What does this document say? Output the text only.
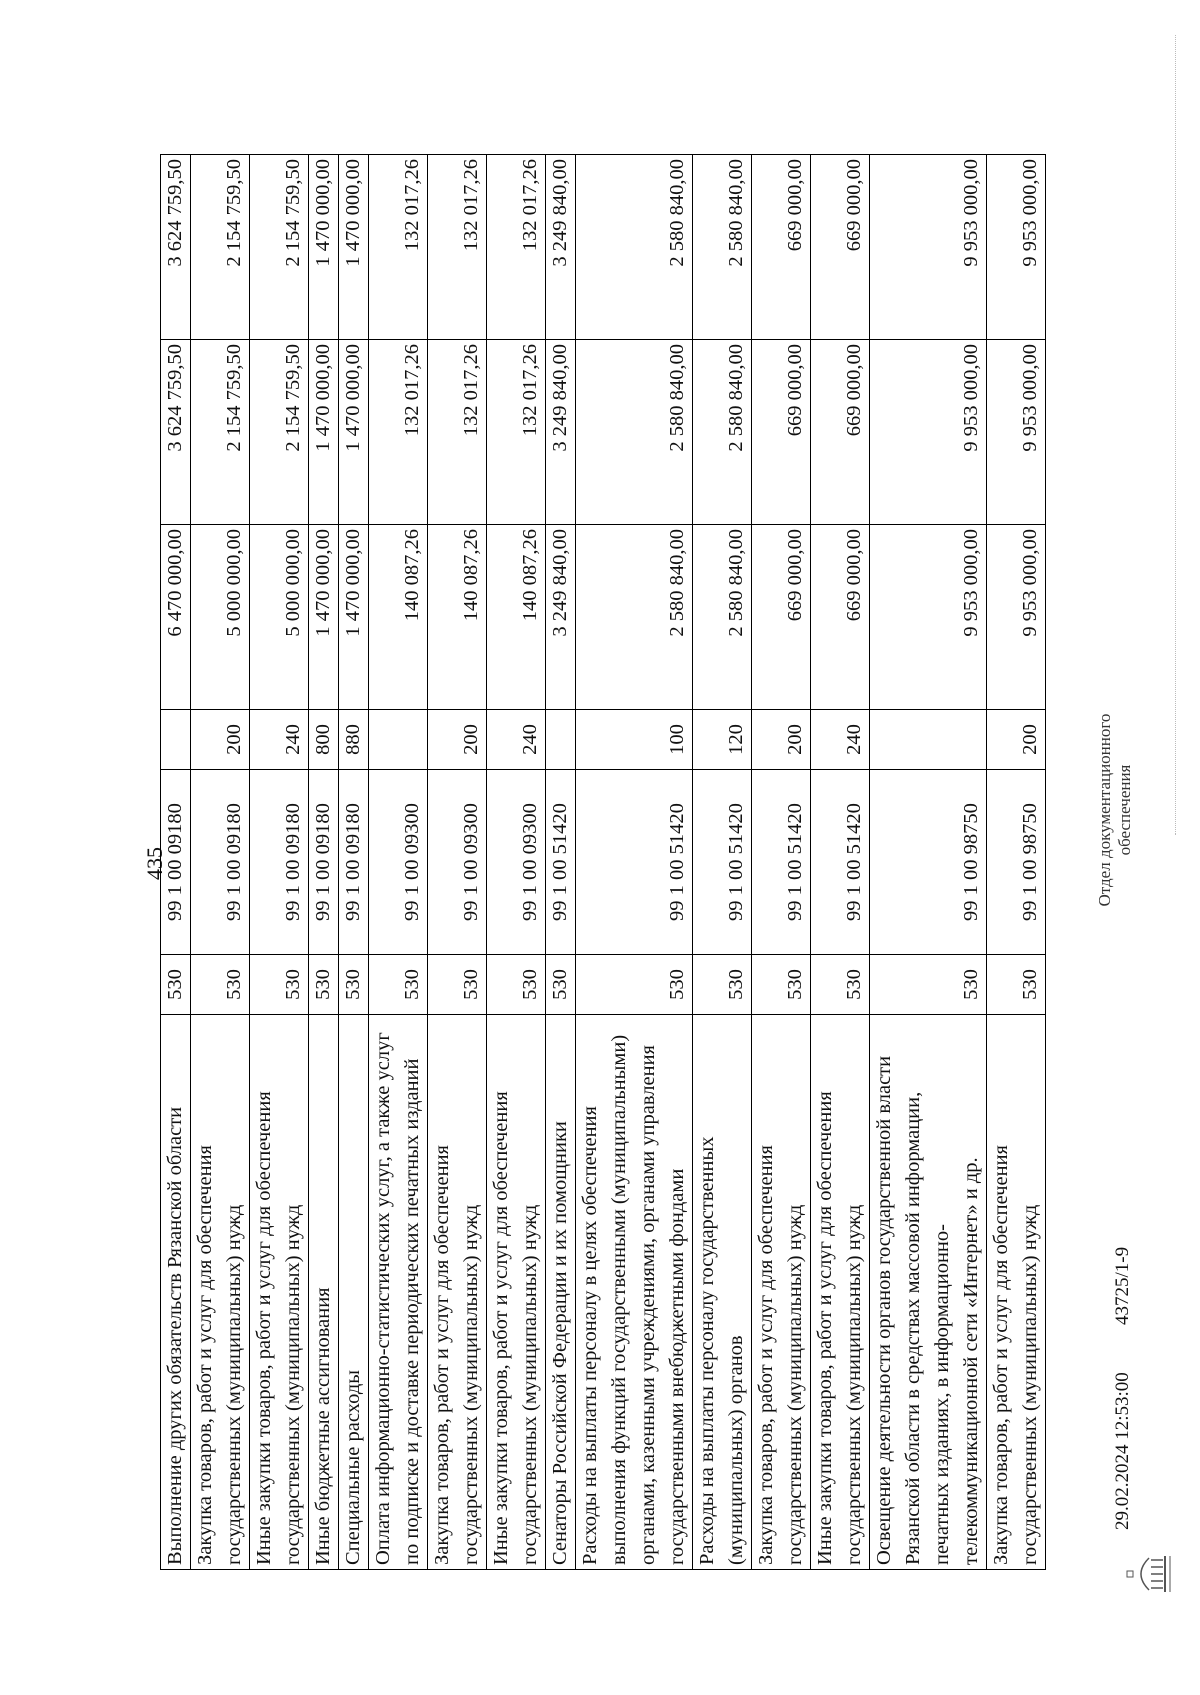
435
Выполнение других обязательств Рязанской области	530	99 1 00 09180		6 470 000,00	3 624 759,50	3 624 759,50
Закупка товаров, работ и услуг для обеспечения государственных (муниципальных) нужд	530	99 1 00 09180	200	5 000 000,00	2 154 759,50	2 154 759,50
Иные закупки товаров, работ и услуг для обеспечения государственных (муниципальных) нужд	530	99 1 00 09180	240	5 000 000,00	2 154 759,50	2 154 759,50
Иные бюджетные ассигнования	530	99 1 00 09180	800	1 470 000,00	1 470 000,00	1 470 000,00
Специальные расходы	530	99 1 00 09180	880	1 470 000,00	1 470 000,00	1 470 000,00
Оплата информационно-статистических услуг, а также услуг по подписке и доставке периодических печатных изданий	530	99 1 00 09300		140 087,26	132 017,26	132 017,26
Закупка товаров, работ и услуг для обеспечения государственных (муниципальных) нужд	530	99 1 00 09300	200	140 087,26	132 017,26	132 017,26
Иные закупки товаров, работ и услуг для обеспечения государственных (муниципальных) нужд	530	99 1 00 09300	240	140 087,26	132 017,26	132 017,26
Сенаторы Российской Федерации и их помощники	530	99 1 00 51420		3 249 840,00	3 249 840,00	3 249 840,00
Расходы на выплаты персоналу в целях обеспечения выполнения функций государственными (муниципальными) органами, казенными учреждениями, органами управления государственными внебюджетными фондами	530	99 1 00 51420	100	2 580 840,00	2 580 840,00	2 580 840,00
Расходы на выплаты персоналу государственных (муниципальных) органов	530	99 1 00 51420	120	2 580 840,00	2 580 840,00	2 580 840,00
Закупка товаров, работ и услуг для обеспечения государственных (муниципальных) нужд	530	99 1 00 51420	200	669 000,00	669 000,00	669 000,00
Иные закупки товаров, работ и услуг для обеспечения государственных (муниципальных) нужд	530	99 1 00 51420	240	669 000,00	669 000,00	669 000,00
Освещение деятельности органов государственной власти Рязанской области в средствах массовой информации, печатных изданиях, в информационно-телекоммуникационной сети «Интернет» и др.	530	99 1 00 98750		9 953 000,00	9 953 000,00	9 953 000,00
Закупка товаров, работ и услуг для обеспечения государственных (муниципальных) нужд	530	99 1 00 98750	200	9 953 000,00	9 953 000,00	9 953 000,00
29.02.2024 12:53:00
43725/1-9
Отдел документационного обеспечения
